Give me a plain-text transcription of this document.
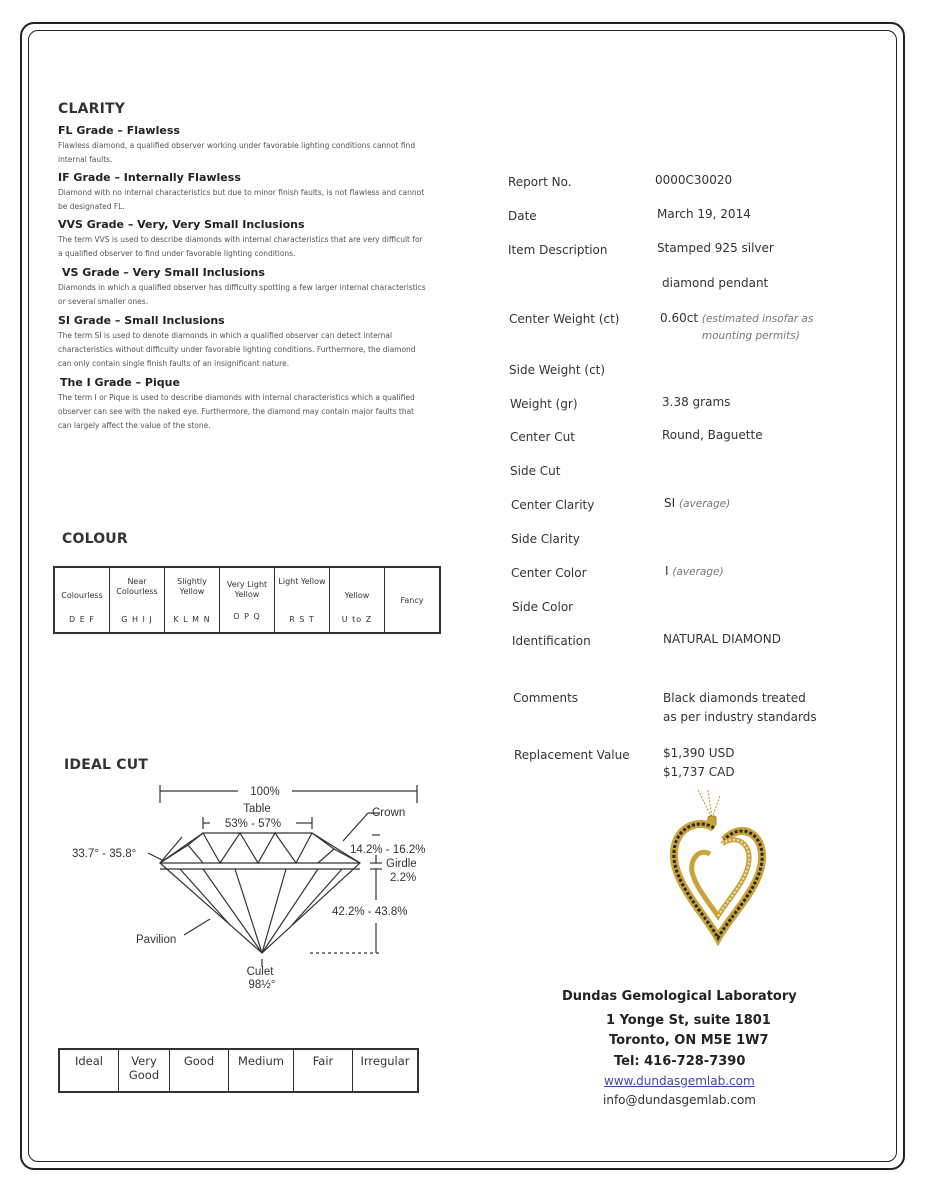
CLARITY
FL Grade – Flawless
Flawless diamond, a qualified observer working under favorable lighting conditions cannot find internal faults.
IF Grade – Internally Flawless
Diamond with no internal characteristics but due to minor finish faults, is not flawless and cannot be designated FL.
VVS Grade – Very, Very Small Inclusions
The term VVS is used to describe diamonds with internal characteristics that are very difficult for a qualified observer to find under favorable lighting conditions.
VS Grade – Very Small Inclusions
Diamonds in which a qualified observer has difficulty spotting a few larger internal characteristics or several smaller ones.
SI Grade – Small Inclusions
The term SI is used to denote diamonds in which a qualified observer can detect internal characteristics without difficulty under favorable lighting conditions. Furthermore, the diamond can only contain single finish faults of an insignificant nature.
The I Grade – Pique
The term I or Pique is used to describe diamonds with internal characteristics which a qualified observer can see with the naked eye. Furthermore, the diamond may contain major faults that can largely affect the value of the stone.
COLOUR
Colourless
D E F

Near Colourless
G H I J

Slightly Yellow
K L M N

Very Light Yellow
O P Q

Light Yellow
R S T

Yellow
U to Z
	Fancy
IDEAL CUT
100%
Table
53% - 57%
Crown
33.7° - 35.8°	14.2% - 16.2%
Girdle
2.2%
42.2% - 43.8%
Pavilion
Culet
98½°
Ideal	Very Good	Good	Medium	Fair	Irregular
Report No.	0000C30020
Date	March 19, 2014
Item Description	Stamped 925 silver
diamond pendant
Center Weight (ct)	0.60ct (estimated insofar as mounting permits)
Side Weight (ct)
Weight (gr)	3.38 grams
Center Cut	Round, Baguette
Side Cut
Center Clarity	SI (average)
Side Clarity
Center Color	I (average)
Side Color
Identification	NATURAL DIAMOND
Comments	Black diamonds treated as per industry standards
Replacement Value	$1,390 USD
$1,737 CAD
Dundas Gemological Laboratory
1 Yonge St, suite 1801
Toronto, ON M5E 1W7
Tel: 416-728-7390
www.dundasgemlab.com
info@dundasgemlab.com
